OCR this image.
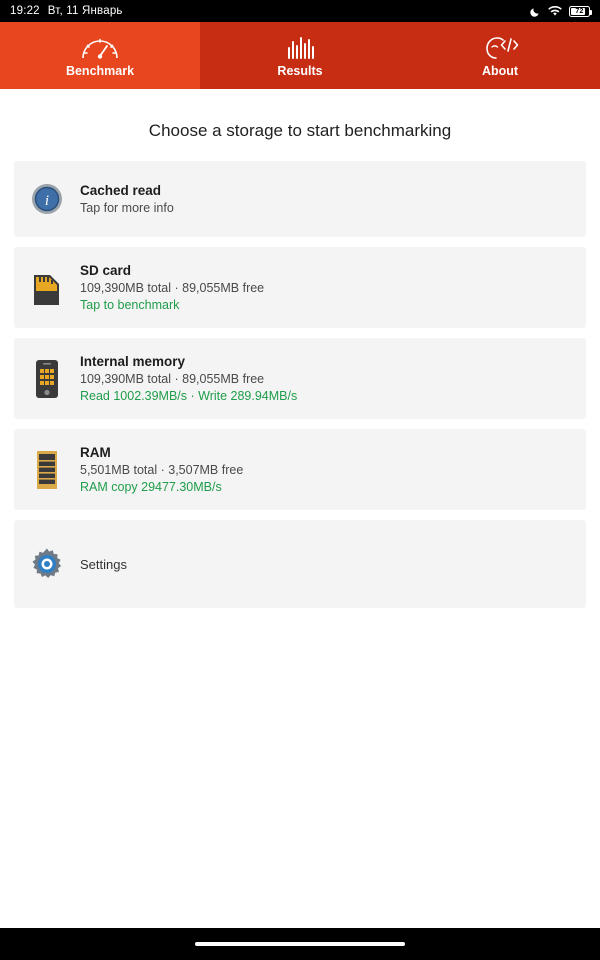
19:22 Вт, 11 Январь	72
Benchmark	Results	About
Choose a storage to start benchmarking
i
Cached read
Tap for more info
SD card
109,390MB total · 89,055MB free
Tap to benchmark
Internal memory
109,390MB total · 89,055MB free
Read 1002.39MB/s · Write 289.94MB/s
RAM
5,501MB total · 3,507MB free
RAM copy 29477.30MB/s
Settings
